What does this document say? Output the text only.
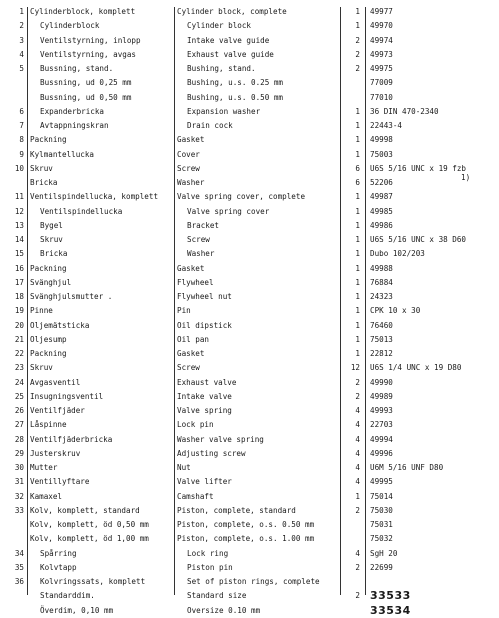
1 Cylinderblock, komplett	Cylinder block, complete	1 49977
2	Cylinderblock	Cylinder block	1 49970
3	Ventilstyrning, inlopp	Intake valve guide	2 49974
4	Ventilstyrning, avgas	Exhaust valve guide	2 49973
5	Bussning, stand.	Bushing, stand.	2 49975
Bussning, ud 0,25 mm	Bushing, u.s. 0.25 mm	77009
Bussning, ud 0,50 mm	Bushing, u.s. 0.50 mm	77010
6	Expanderbricka	Expansion washer	1 36 DIN 470-2340
7	Avtappningskran	Drain cock	1 22443-4
8 Packning	Gasket	1 49998
9 Kylmantellucka	Cover	1 75003
10 Skruv	Screw	6 U6S 5/16 UNC x 19 fzb
Bricka	Washer	6 52206
11 Ventilspindellucka, komplett	Valve spring cover, complete	1 49987
12	Ventilspindellucka	Valve spring cover	1 49985
13	Bygel	Bracket	1 49986
14	Skruv	Screw	1 U6S 5/16 UNC x 38 D60
15	Bricka	Washer	1 Dubo 102/203
16 Packning	Gasket	1 49988
17 Svänghjul	Flywheel	1 76884
18 Svänghjulsmutter .	Flywheel nut	1 24323
19 Pinne	Pin	1 CPK 10 x 30
20 Oljemätsticka	Oil dipstick	1 76460
21 Oljesump	Oil pan	1 75013
22 Packning	Gasket	1 22812
23 Skruv	Screw	12 U6S 1/4 UNC x 19 D80
24 Avgasventil	Exhaust valve	2 49990
25 Insugningsventil	Intake valve	2 49989
26 Ventilfjäder	Valve spring	4 49993
27 Låspinne	Lock pin	4 22703
28 Ventilfjäderbricka	Washer valve spring	4 49994
29 Justerskruv	Adjusting screw	4 49996
30 Mutter	Nut	4 U6M 5/16 UNF D80
31 Ventillyftare	Valve lifter	4 49995
32 Kamaxel	Camshaft	1 75014
33 Kolv, komplett, standard	Piston, complete, standard	2 75030
Kolv, komplett, öd 0,50 mm	Piston, complete, o.s. 0.50 mm	75031
Kolv, komplett, öd 1,00 mm	Piston, complete, o.s. 1.00 mm	75032
34	Spårring	Lock ring	4 SgH 20
35	Kolvtapp	Piston pin	2 22699
36	Kolvringssats, komplett	Set of piston rings, complete
Standarddim.	Standard size	2 33533
Överdim, 0,10 mm	Oversize 0.10 mm	33534
1)
